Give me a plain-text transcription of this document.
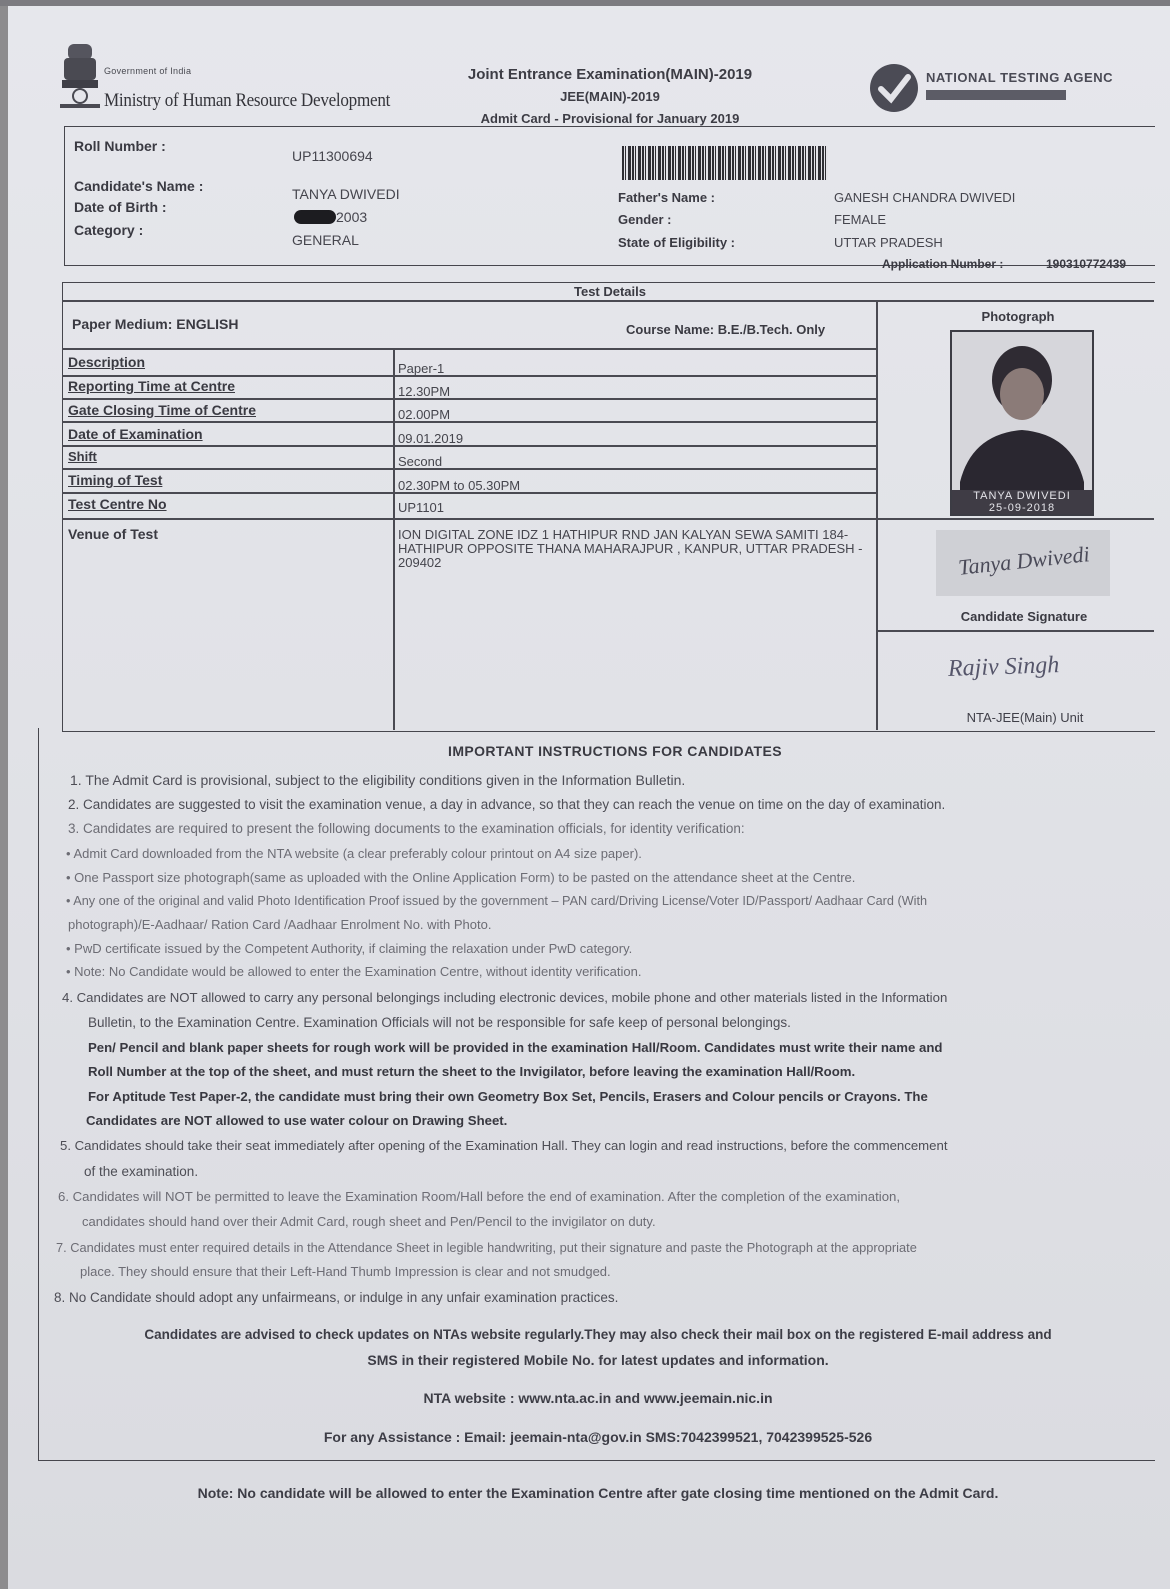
Government of India
Ministry of Human Resource Development
Joint Entrance Examination(MAIN)-2019
JEE(MAIN)-2019
Admit Card - Provisional for January 2019
NATIONAL TESTING AGENC
Roll Number :
UP11300694
Candidate's Name :	TANYA DWIVEDI
Date of Birth :
2003
Category :
GENERAL
Father's Name :	GANESH CHANDRA DWIVEDI
Gender :	FEMALE
State of Eligibility :	UTTAR PRADESH
Application Number :	190310772439
Test Details
Paper Medium: ENGLISH	Course Name: B.E./B.Tech. Only
Description	Paper-1
Reporting Time at Centre	12.30PM
Gate Closing Time of Centre	02.00PM
Date of Examination	09.01.2019
Shift	Second
Timing of Test	02.30PM to 05.30PM
Test Centre No	UP1101
Venue of Test	ION DIGITAL ZONE IDZ 1 HATHIPUR RND JAN KALYAN SEWA SAMITI 184-HATHIPUR OPPOSITE THANA MAHARAJPUR , KANPUR, UTTAR PRADESH - 209402
Photograph
TANYA DWIVEDI
25-09-2018
Tanya Dwivedi
Candidate Signature
Rajiv Singh
NTA-JEE(Main) Unit
IMPORTANT INSTRUCTIONS FOR CANDIDATES
1. The Admit Card is provisional, subject to the eligibility conditions given in the Information Bulletin.
2. Candidates are suggested to visit the examination venue, a day in advance, so that they can reach the venue on time on the day of examination.
3. Candidates are required to present the following documents to the examination officials, for identity verification:
• Admit Card downloaded from the NTA website (a clear preferably colour printout on A4 size paper).
• One Passport size photograph(same as uploaded with the Online Application Form) to be pasted on the attendance sheet at the Centre.
• Any one of the original and valid Photo Identification Proof issued by the government – PAN card/Driving License/Voter ID/Passport/ Aadhaar Card (With
photograph)/E-Aadhaar/ Ration Card /Aadhaar Enrolment No. with Photo.
• PwD certificate issued by the Competent Authority, if claiming the relaxation under PwD category.
• Note: No Candidate would be allowed to enter the Examination Centre, without identity verification.
4. Candidates are NOT allowed to carry any personal belongings including electronic devices, mobile phone and other materials listed in the Information
Bulletin, to the Examination Centre. Examination Officials will not be responsible for safe keep of personal belongings.
Pen/ Pencil and blank paper sheets for rough work will be provided in the examination Hall/Room. Candidates must write their name and
Roll Number at the top of the sheet, and must return the sheet to the Invigilator, before leaving the examination Hall/Room.
For Aptitude Test Paper-2, the candidate must bring their own Geometry Box Set, Pencils, Erasers and Colour pencils or Crayons. The
Candidates are NOT allowed to use water colour on Drawing Sheet.
5. Candidates should take their seat immediately after opening of the Examination Hall. They can login and read instructions, before the commencement
of the examination.
6. Candidates will NOT be permitted to leave the Examination Room/Hall before the end of examination. After the completion of the examination,
candidates should hand over their Admit Card, rough sheet and Pen/Pencil to the invigilator on duty.
7. Candidates must enter required details in the Attendance Sheet in legible handwriting, put their signature and paste the Photograph at the appropriate
place. They should ensure that their Left-Hand Thumb Impression is clear and not smudged.
8. No Candidate should adopt any unfairmeans, or indulge in any unfair examination practices.
Candidates are advised to check updates on NTAs website regularly.They may also check their mail box on the registered E-mail address and
SMS in their registered Mobile No. for latest updates and information.
NTA website : www.nta.ac.in and www.jeemain.nic.in
For any Assistance : Email: jeemain-nta@gov.in SMS:7042399521, 7042399525-526
Note: No candidate will be allowed to enter the Examination Centre after gate closing time mentioned on the Admit Card.
